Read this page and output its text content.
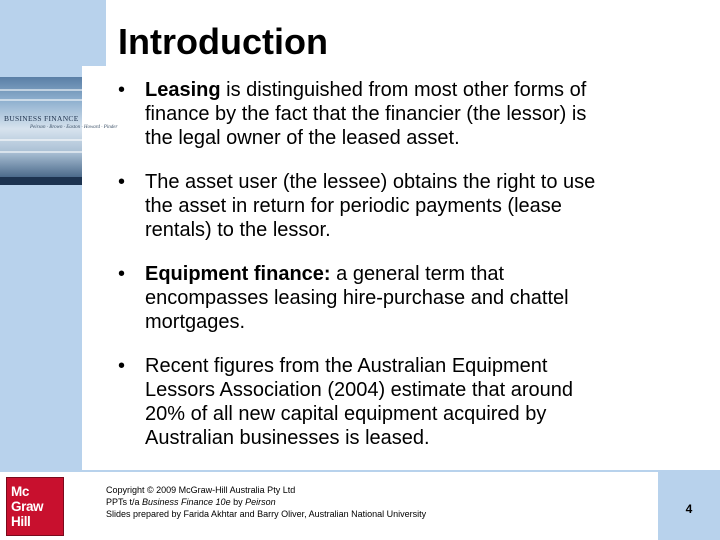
BUSINESS FINANCE
Peirson · Brown · Easton · Howard · Pinder
Introduction
• Leasing is distinguished from most other forms of
finance by the fact that the financier (the lessor) is
the legal owner of the leased asset.
• The asset user (the lessee) obtains the right to use
the asset in return for periodic payments (lease
rentals) to the lessor.
• Equipment finance: a general term that
encompasses leasing hire-purchase and chattel
mortgages.
• Recent figures from the Australian Equipment
Lessors Association (2004) estimate that around
20% of all new capital equipment acquired by
Australian businesses is leased.
Mc
Graw
Hill
Copyright © 2009 McGraw-Hill Australia Pty Ltd
PPTs t/a Business Finance 10e by Peirson
Slides prepared by Farida Akhtar and Barry Oliver, Australian National University	4
